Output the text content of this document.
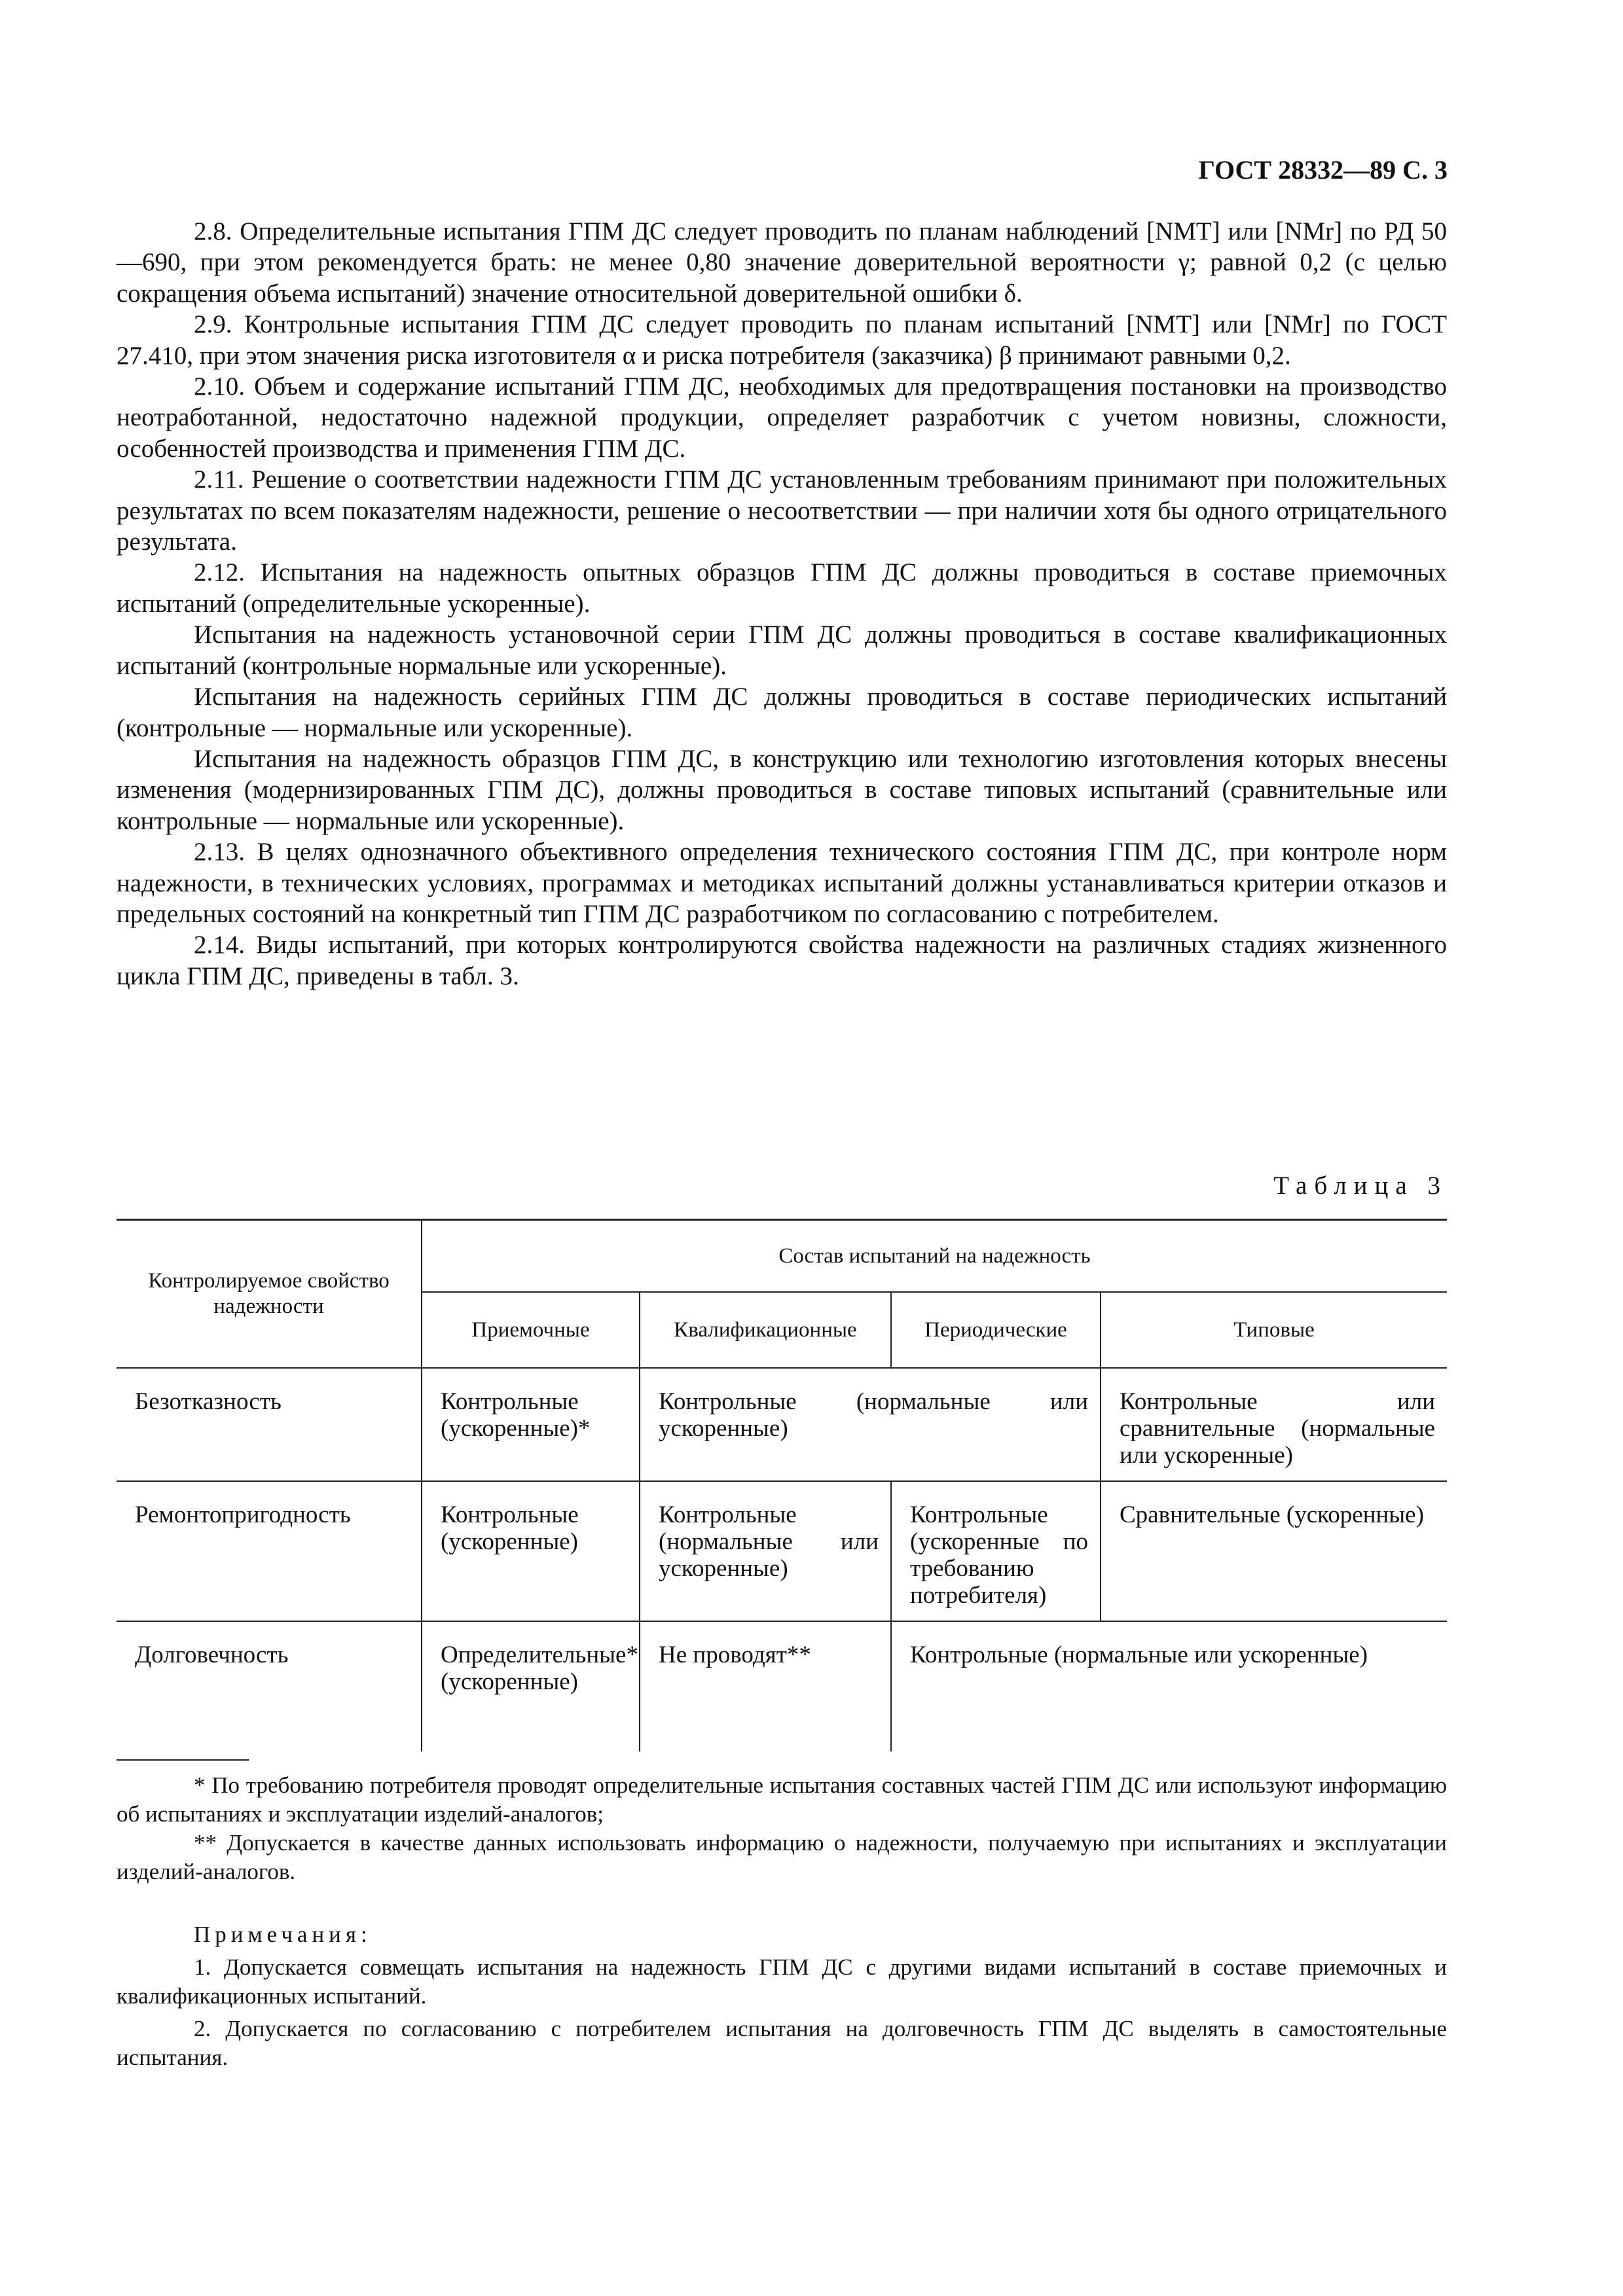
ГОСТ 28332—89 С. 3

2.8. Определительные испытания ГПМ ДС следует проводить по планам наблюдений [NMT] или [NMr] по РД 50—690, при этом рекомендуется брать: не менее 0,80 значение доверительной вероятности γ; равной 0,2 (с целью сокращения объема испытаний) значение относительной доверительной ошибки δ.

2.9. Контрольные испытания ГПМ ДС следует проводить по планам испытаний [NMT] или [NMr] по ГОСТ 27.410, при этом значения риска изготовителя α и риска потребителя (заказчика) β принимают равными 0,2.

2.10. Объем и содержание испытаний ГПМ ДС, необходимых для предотвращения постановки на производство неотработанной, недостаточно надежной продукции, определяет разработчик с учетом новизны, сложности, особенностей производства и применения ГПМ ДС.

2.11. Решение о соответствии надежности ГПМ ДС установленным требованиям принимают при положительных результатах по всем показателям надежности, решение о несоответствии — при наличии хотя бы одного отрицательного результата.

2.12. Испытания на надежность опытных образцов ГПМ ДС должны проводиться в составе приемочных испытаний (определительные ускоренные).

Испытания на надежность установочной серии ГПМ ДС должны проводиться в составе квалификационных испытаний (контрольные нормальные или ускоренные).

Испытания на надежность серийных ГПМ ДС должны проводиться в составе периодических испытаний (контрольные — нормальные или ускоренные).

Испытания на надежность образцов ГПМ ДС, в конструкцию или технологию изготовления которых внесены изменения (модернизированных ГПМ ДС), должны проводиться в составе типовых испытаний (сравнительные или контрольные — нормальные или ускоренные).

2.13. В целях однозначного объективного определения технического состояния ГПМ ДС, при контроле норм надежности, в технических условиях, программах и методиках испытаний должны устанавливаться критерии отказов и предельных состояний на конкретный тип ГПМ ДС разработчиком по согласованию с потребителем.

2.14. Виды испытаний, при которых контролируются свойства надежности на различных стадиях жизненного цикла ГПМ ДС, приведены в табл. 3.

Таблица 3
Контролируемое свойство надежности	Состав испытаний на надежность			
	Приемочные	Квалификационные	Периодические	Типовые
Безотказность	Контрольные (ускоренные)*	Контрольные (нормальные или ускоренные)		Контрольные или сравнительные (нормальные или ускоренные)
Ремонтопригодность	Контрольные (ускоренные)	Контрольные (нормальные или ускоренные)	Контрольные (ускоренные по требованию потребителя)	Сравнительные (ускоренные)
Долговечность	Определительные* (ускоренные)	Не проводят**	Контрольные (нормальные или ускоренные)	

* По требованию потребителя проводят определительные испытания составных частей ГПМ ДС или используют информацию об испытаниях и эксплуатации изделий-аналогов;

** Допускается в качестве данных использовать информацию о надежности, получаемую при испытаниях и эксплуатации изделий-аналогов.

Примечания:

1. Допускается совмещать испытания на надежность ГПМ ДС с другими видами испытаний в составе приемочных и квалификационных испытаний.

2. Допускается по согласованию с потребителем испытания на долговечность ГПМ ДС выделять в самостоятельные испытания.
